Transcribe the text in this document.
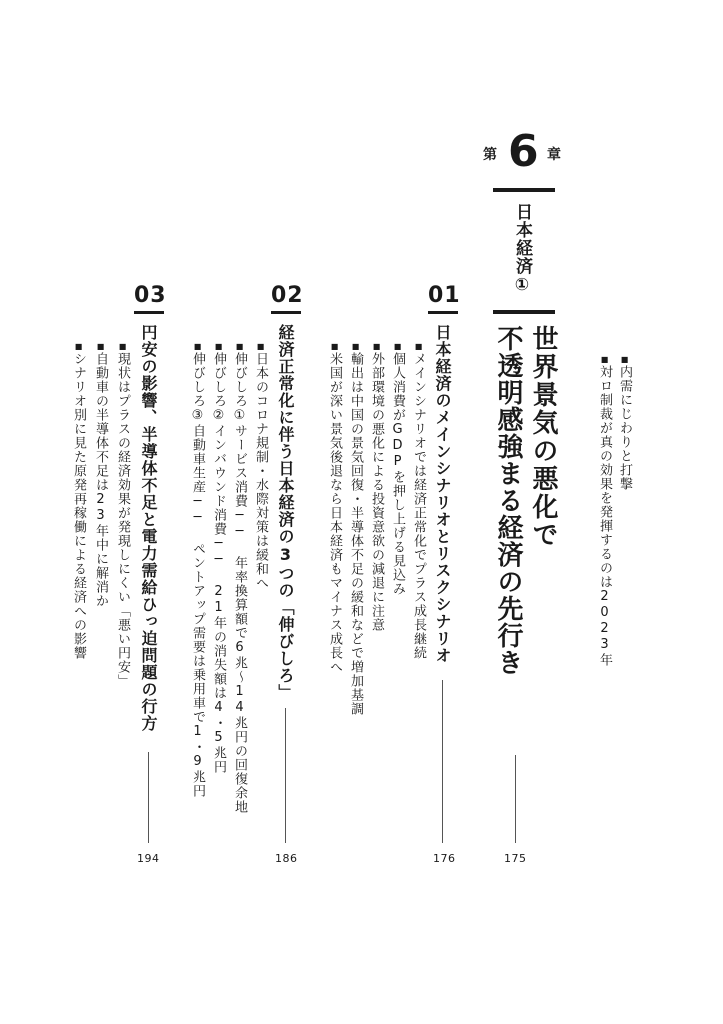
■内需にじわりと打撃
■対ロ制裁が真の効果を発揮するのは2023年
第 6 章
日本経済①
世界景気の悪化で
不透明感強まる経済の先行き
175
01
日本経済のメインシナリオとリスクシナリオ
176
■メインシナリオでは経済正常化でプラス成長継続
■個人消費がGDPを押し上げる見込み
■外部環境の悪化による投資意欲の減退に注意
■輸出は中国の景気回復・半導体不足の緩和などで増加基調
■米国が深い景気後退なら日本経済もマイナス成長へ
02
経済正常化に伴う日本経済の3つの「伸びしろ」
186
■日本のコロナ規制・水際対策は緩和へ
■伸びしろ①サービス消費── 年率換算額で6兆～14兆円の回復余地
■伸びしろ②インバウンド消費── 21年の消失額は4・5兆円
■伸びしろ③自動車生産── ペントアップ需要は乗用車で1・9兆円
03
円安の影響、半導体不足と電力需給ひっ迫問題の行方
194
■現状はプラスの経済効果が発現しにくい「悪い円安」
■自動車の半導体不足は23年中に解消か
■シナリオ別に見た原発再稼働による経済への影響
